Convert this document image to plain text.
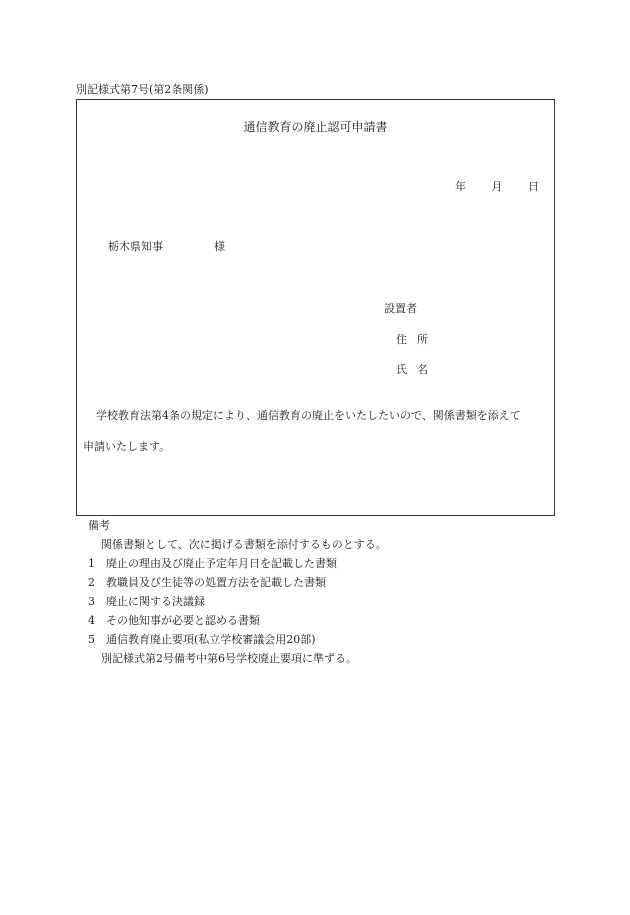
別記様式第7号(第2条関係)
通信教育の廃止認可申請書
年 月 日
栃木県知事	様
設置者
住所
氏名
学校教育法第4条の規定により、通信教育の廃止をいたしたいので、関係書類を添えて
申請いたします。
備考
関係書類として、次に掲げる書類を添付するものとする。
1 廃止の理由及び廃止予定年月日を記載した書類
2 教職員及び生徒等の処置方法を記載した書類
3 廃止に関する決議録
4 その他知事が必要と認める書類
5 通信教育廃止要項(私立学校審議会用20部)
別記様式第2号備考中第6号学校廃止要項に準ずる。
